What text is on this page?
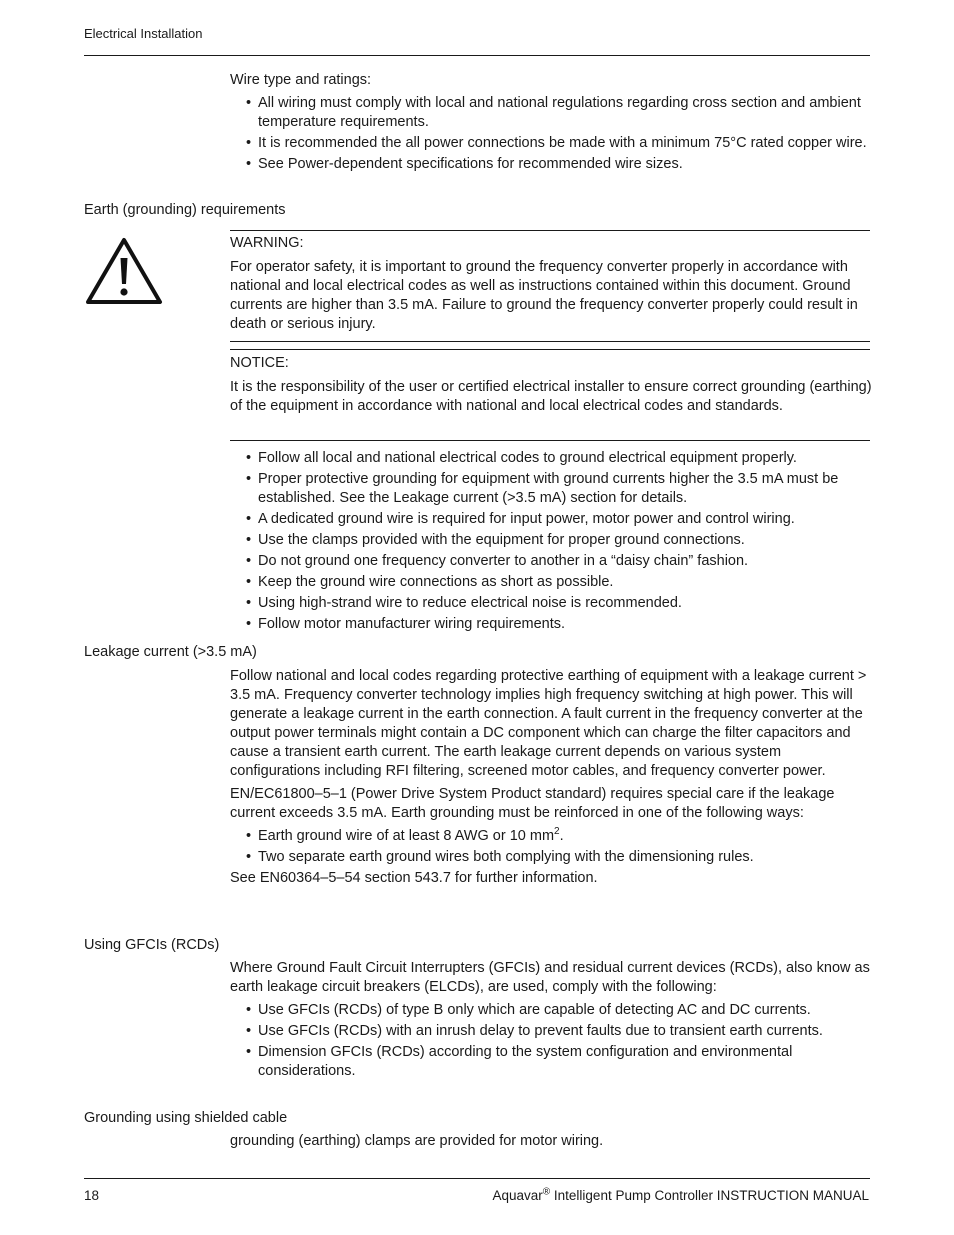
Electrical Installation

Wire type and ratings:

• All wiring must comply with local and national regulations regarding cross section and ambient temperature requirements.
• It is recommended the all power connections be made with a minimum 75°C rated copper wire.
• See Power-dependent specifications for recommended wire sizes.
Earth (grounding) requirements

WARNING:

For operator safety, it is important to ground the frequency converter properly in accordance with national and local electrical codes as well as instructions contained within this document. Ground currents are higher than 3.5 mA. Failure to ground the frequency converter properly could result in death or serious injury.

NOTICE:

It is the responsibility of the user or certified electrical installer to ensure correct grounding (earthing) of the equipment in accordance with national and local electrical codes and standards.

• Follow all local and national electrical codes to ground electrical equipment properly.
• Proper protective grounding for equipment with ground currents higher the 3.5 mA must be established. See the Leakage current (>3.5 mA) section for details.
• A dedicated ground wire is required for input power, motor power and control wiring.
• Use the clamps provided with the equipment for proper ground connections.
• Do not ground one frequency converter to another in a “daisy chain” fashion.
• Keep the ground wire connections as short as possible.
• Using high-strand wire to reduce electrical noise is recommended.
• Follow motor manufacturer wiring requirements.
Leakage current (>3.5 mA)

Follow national and local codes regarding protective earthing of equipment with a leakage current > 3.5 mA. Frequency converter technology implies high frequency switching at high power. This will generate a leakage current in the earth connection. A fault current in the frequency converter at the output power terminals might contain a DC component which can charge the filter capacitors and cause a transient earth current. The earth leakage current depends on various system configurations including RFI filtering, screened motor cables, and frequency converter power.

EN/EC61800–5–1 (Power Drive System Product standard) requires special care if the leakage current exceeds 3.5 mA. Earth grounding must be reinforced in one of the following ways:

• Earth ground wire of at least 8 AWG or 10 $mm^2$.
• Two separate earth ground wires both complying with the dimensioning rules.

See EN60364–5–54 section 543.7 for further information.

Using GFCIs (RCDs)

Where Ground Fault Circuit Interrupters (GFCIs) and residual current devices (RCDs), also know as earth leakage circuit breakers (ELCDs), are used, comply with the following:

• Use GFCIs (RCDs) of type B only which are capable of detecting AC and DC currents.
• Use GFCIs (RCDs) with an inrush delay to prevent faults due to transient earth currents.
• Dimension GFCIs (RCDs) according to the system configuration and environmental considerations.
Grounding using shielded cable

grounding (earthing) clamps are provided for motor wiring.

18	Aquavar® Intelligent Pump Controller INSTRUCTION MANUAL
